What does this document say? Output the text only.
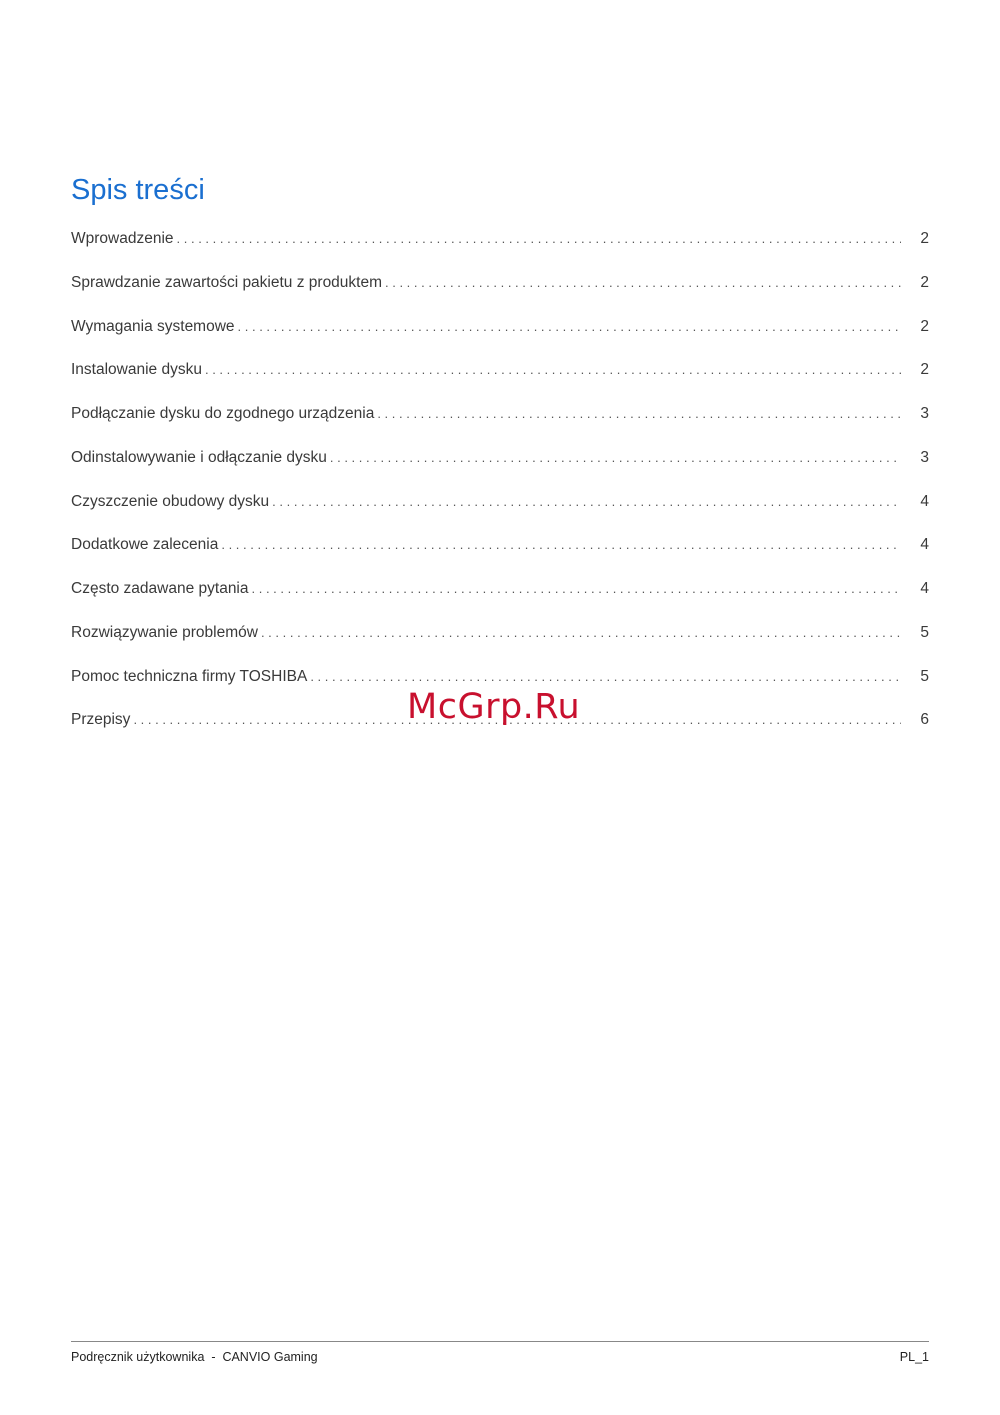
Spis treści
Wprowadzenie . . .	2
Sprawdzanie zawartości pakietu z produktem . . .	2
Wymagania systemowe . . .	2
Instalowanie dysku . . .	2
Podłączanie dysku do zgodnego urządzenia . . .	3
Odinstalowywanie i odłączanie dysku . . .	3
Czyszczenie obudowy dysku . . .	4
Dodatkowe zalecenia . . .	4
Często zadawane pytania . . .	4
Rozwiązywanie problemów . . .	5
Pomoc techniczna firmy TOSHIBA . . .	5
Przepisy . . .	6
McGrp.Ru
Podręcznik użytkownika  -  CANVIO Gaming	PL_1
